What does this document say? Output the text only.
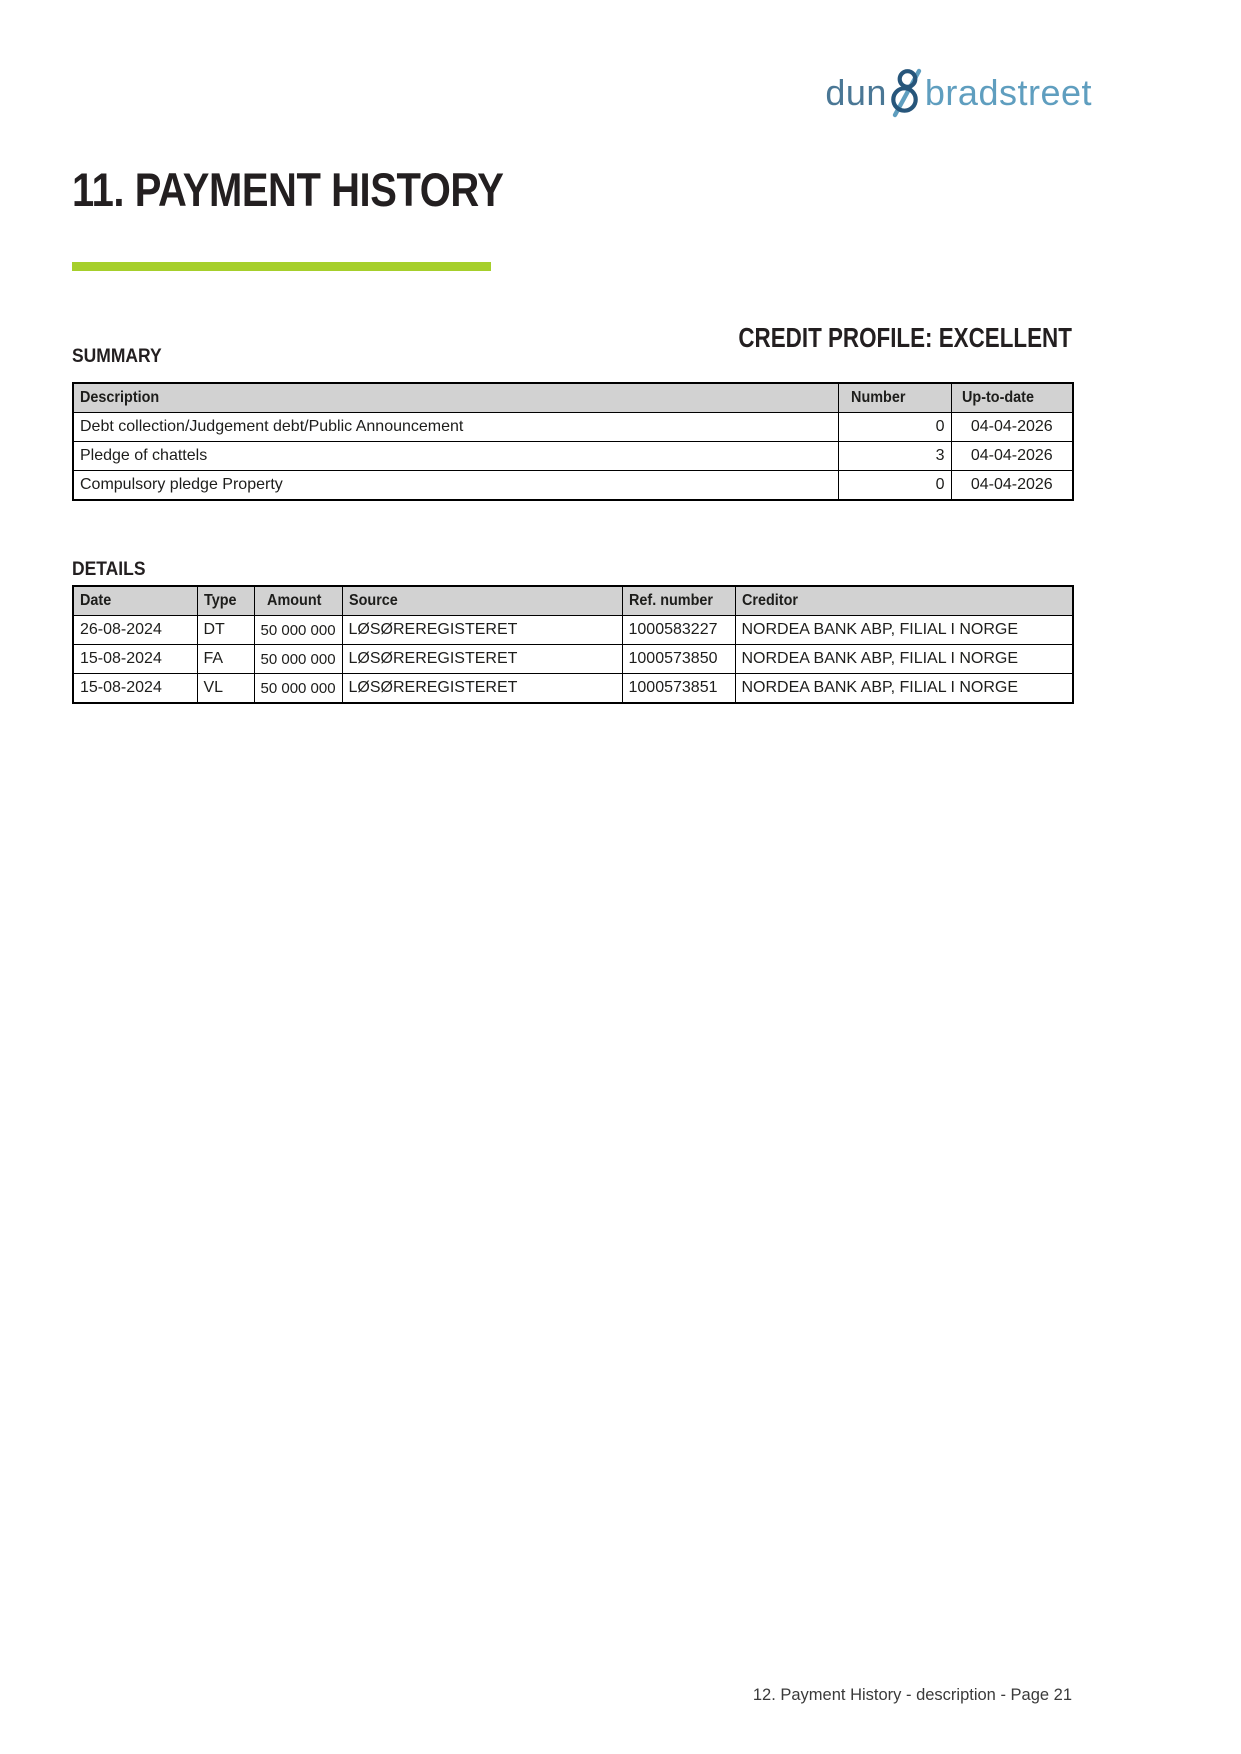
dun bradstreet
11. PAYMENT HISTORY
CREDIT PROFILE: EXCELLENT
SUMMARY
Description	Number	Up-to-date
Debt collection/Judgement debt/Public Announcement	0	04-04-2026
Pledge of chattels	3	04-04-2026
Compulsory pledge Property	0	04-04-2026
DETAILS
Date	Type	Amount	Source	Ref. number	Creditor
26-08-2024	DT	50 000 000	LØSØREREGISTERET	1000583227	NORDEA BANK ABP, FILIAL I NORGE
15-08-2024	FA	50 000 000	LØSØREREGISTERET	1000573850	NORDEA BANK ABP, FILIAL I NORGE
15-08-2024	VL	50 000 000	LØSØREREGISTERET	1000573851	NORDEA BANK ABP, FILIAL I NORGE
12. Payment History - description - Page 21
